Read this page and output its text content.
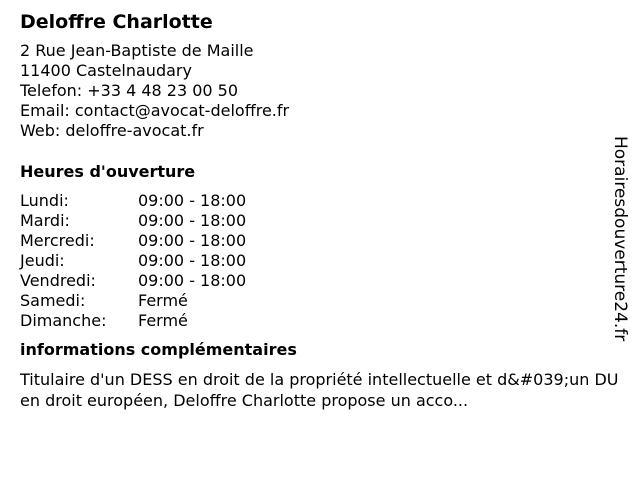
Deloffre Charlotte
2 Rue Jean-Baptiste de Maille
11400 Castelnaudary
Telefon: +33 4 48 23 00 50
Email: contact@avocat-deloffre.fr
Web: deloffre-avocat.fr
Heures d'ouverture
Lundi:	09:00 - 18:00
Mardi:	09:00 - 18:00
Mercredi:	09:00 - 18:00
Jeudi:	09:00 - 18:00
Vendredi:	09:00 - 18:00
Samedi:	Fermé
Dimanche:	Fermé
informations complémentaires
Titulaire d'un DESS en droit de la propriété intellectuelle et d&#039;un DU en droit européen, Deloffre Charlotte propose un acco...
Horairesdouverture24.fr
